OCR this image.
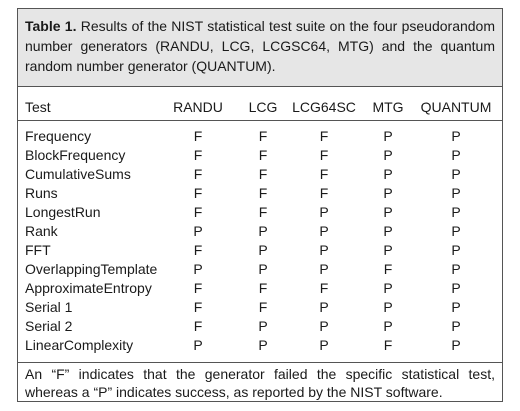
Table 1. Results of the NIST statistical test suite on the four pseudorandom number generators (RANDU, LCG, LCGSC64, MTG) and the quantum random number generator (QUANTUM).
Test	RANDU	LCG	LCG64SC	MTG	QUANTUM
Frequency	F	F	F	P	P
BlockFrequency	F	F	F	P	P
CumulativeSums	F	F	F	P	P
Runs	F	F	F	P	P
LongestRun	F	F	P	P	P
Rank	P	P	P	P	P
FFT	F	P	P	P	P
OverlappingTemplate	P	P	P	F	P
ApproximateEntropy	F	F	F	P	P
Serial 1	F	F	P	P	P
Serial 2	F	P	P	P	P
LinearComplexity	P	P	P	F	P
An “F” indicates that the generator failed the specific statistical test, whereas a “P” indicates success, as reported by the NIST software.
